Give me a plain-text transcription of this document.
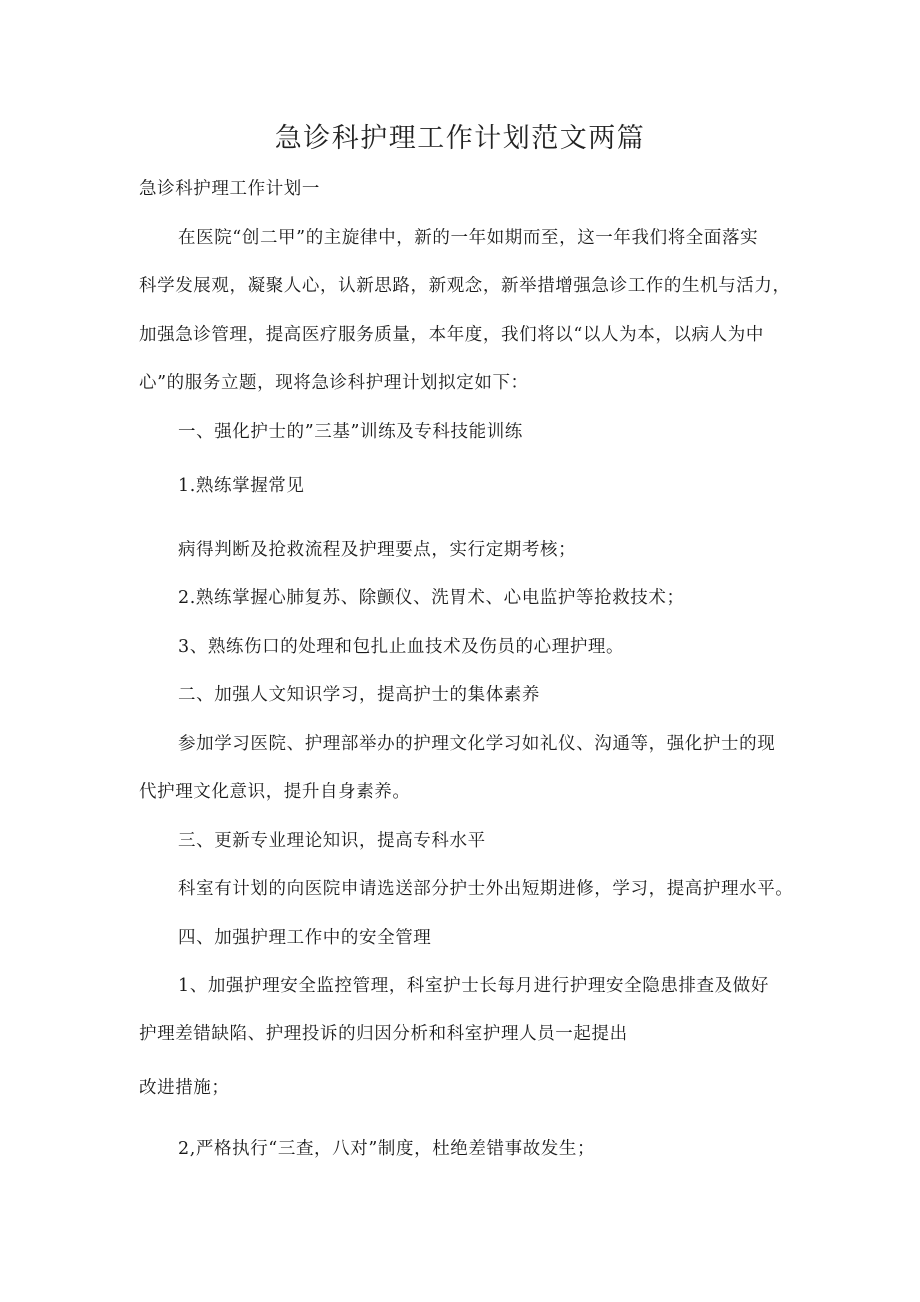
急诊科护理工作计划范文两篇
急诊科护理工作计划一
在医院“创二甲”的主旋律中，新的一年如期而至，这一年我们将全面落实
科学发展观，凝聚人心，认新思路，新观念，新举措增强急诊工作的生机与活力，
加强急诊管理，提高医疗服务质量，本年度，我们将以“以人为本，以病人为中
心”的服务立题，现将急诊科护理计划拟定如下：
一、强化护士的”三基”训练及专科技能训练
1.熟练掌握常见
病得判断及抢救流程及护理要点，实行定期考核；
2.熟练掌握心肺复苏、除颤仪、洗胃术、心电监护等抢救技术；
3、熟练伤口的处理和包扎止血技术及伤员的心理护理。
二、加强人文知识学习，提高护士的集体素养
参加学习医院、护理部举办的护理文化学习如礼仪、沟通等，强化护士的现
代护理文化意识，提升自身素养。
三、更新专业理论知识，提高专科水平
科室有计划的向医院申请选送部分护士外出短期进修，学习，提高护理水平。
四、加强护理工作中的安全管理
1、加强护理安全监控管理，科室护士长每月进行护理安全隐患排查及做好
护理差错缺陷、护理投诉的归因分析和科室护理人员一起提出
改进措施；
2,严格执行“三查，八对”制度，杜绝差错事故发生；
